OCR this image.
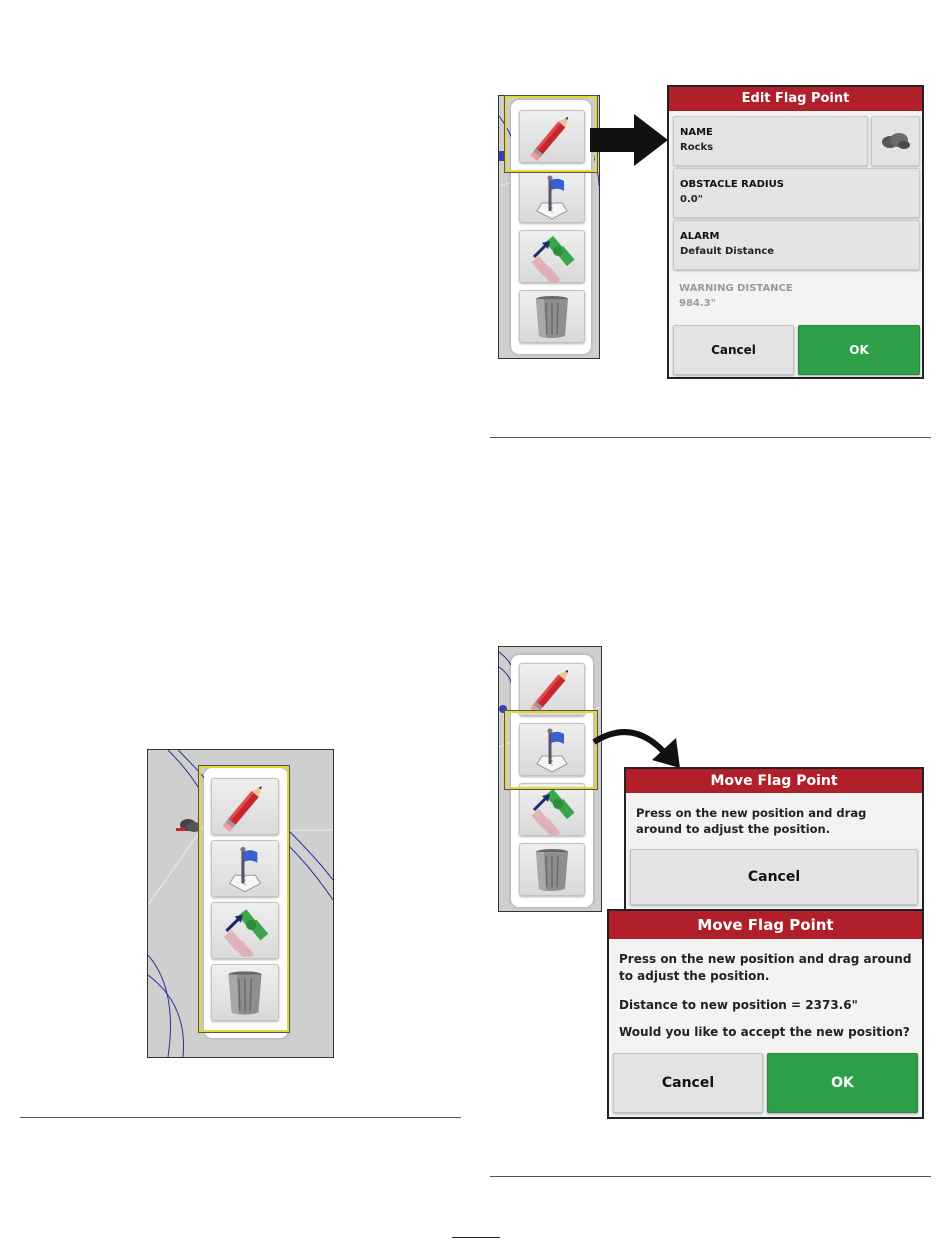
Edit Flag Point
NAME
Rocks
OBSTACLE RADIUS
0.0"
ALARM
Default Distance
WARNING DISTANCE
984.3"
Cancel	OK
Move Flag Point
Press on the new position and drag around to adjust the position.
Cancel
Move Flag Point
Press on the new position and drag around to adjust the position.
Distance to new position = 2373.6"
Would you like to accept the new position?
Cancel	OK
